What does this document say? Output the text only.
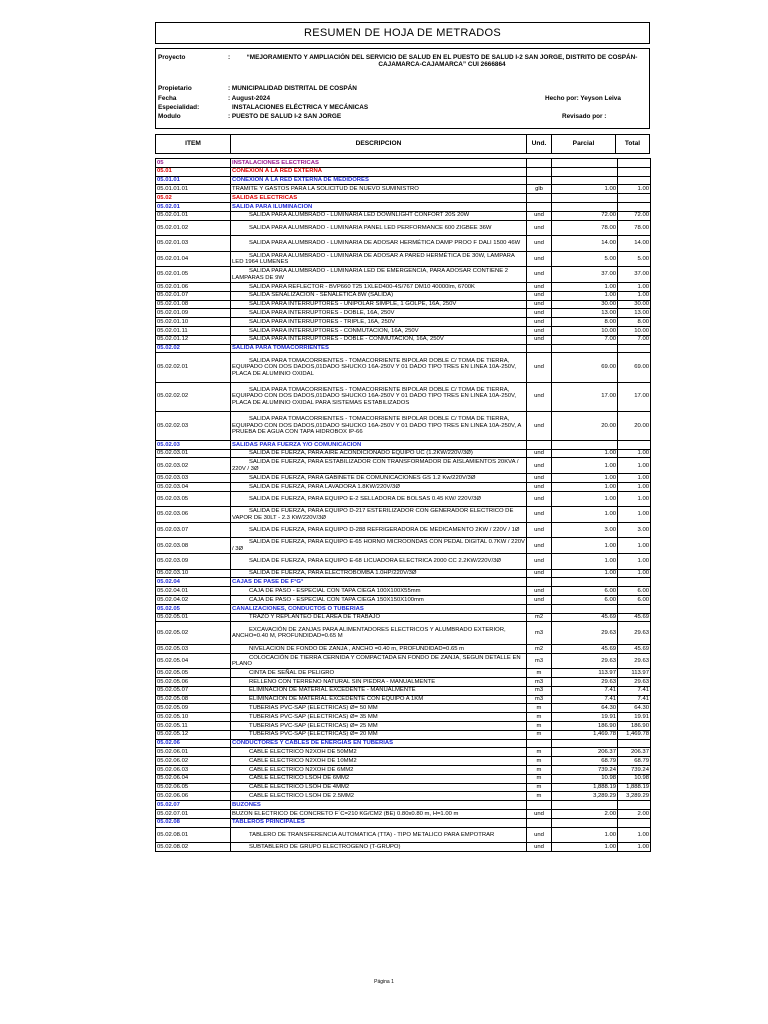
RESUMEN DE HOJA DE METRADOS
Proyecto	:	“MEJORAMIENTO Y AMPLIACIÓN DEL SERVICIO DE SALUD EN EL PUESTO DE SALUD I-2 SAN JORGE, DISTRITO DE COSPÁN- CAJAMARCA-CAJAMARCA” CUI 2666864
Propietario	: MUNICIPALIDAD DISTRITAL DE COSPÁN
Fecha	: August-2024	Hecho por: Yeyson Leiva
Especialidad:	INSTALACIONES ELÉCTRICA Y MECÁNICAS
Modulo	: PUESTO DE SALUD I-2 SAN JORGE	Revisado por :
ITEM	DESCRIPCION	Und.	Parcial	Total
05	INSTALACIONES ELECTRICAS			
05.01	CONEXION A LA RED EXTERNA			
05.01.01	CONEXION A LA RED EXTERNA DE MEDIDORES			
05.01.01.01	TRAMITE Y GASTOS PARA LA SOLICITUD DE NUEVO SUMINISTRO	glb	1.00	1.00
05.02	SALIDAS ELECTRICAS			
05.02.01	SALIDA PARA ILUMINACION			
05.02.01.01	SALIDA PARA ALUMBRADO - LUMINARIA LED DOWNLIGHT CONFORT 20S 20W	und	72.00	72.00
05.02.01.02	SALIDA PARA ALUMBRADO - LUMINARIA PANEL LED PERFORMANCE 600 ZIGBEE 36W	und	78.00	78.00
05.02.01.03	SALIDA PARA ALUMBRADO - LUMINARIA DE ADOSAR HERMÉTICA DAMP PROO F DALI 1500 46W	und	14.00	14.00
05.02.01.04	SALIDA PARA ALUMBRADO - LUMINARIA DE ADOSAR A PARED HERMÉTICA DE 30W, LAMPARA LED 1964 LUMENES	und	5.00	5.00
05.02.01.05	SALIDA PARA ALUMBRADO - LUMINARIA LED DE EMERGENCIA, PARA ADOSAR CONTIENE 2 LAMPARAS DE 9W	und	37.00	37.00
05.02.01.06	SALIDA PARA REFLECTOR - BVP660 T25 1XLED400-4S/767 DM10 40000lm, 6700K	und	1.00	1.00
05.02.01.07	SALIDA SEÑALIZACION - SEÑALETICA 8W (SALIDA)	und	1.00	1.00
05.02.01.08	SALIDA PARA INTERRUPTORES - UNIPOLAR SIMPLE, 1 GOLPE, 16A, 250V	und	30.00	30.00
05.02.01.09	SALIDA PARA INTERRUPTORES - DOBLE, 16A, 250V	und	13.00	13.00
05.02.01.10	SALIDA PARA INTERRUPTORES - TRIPLE, 16A, 250V	und	8.00	8.00
05.02.01.11	SALIDA PARA INTERRUPTORES - CONMUTACION, 16A, 250V	und	10.00	10.00
05.02.01.12	SALIDA PARA INTERRUPTORES - DOBLE - CONMUTACION, 16A, 250V	und	7.00	7.00
05.02.02	SALIDA PARA TOMACORRIENTES			
05.02.02.01	SALIDA PARA TOMACORRIENTES - TOMACORRIENTE BIPOLAR DOBLE C/ TOMA DE TIERRA, EQUIPADO CON DOS DADOS,01DADO SHUCKO 16A-250V Y 01 DADO TIPO TRES EN LINEA 10A-250V, PLACA DE ALUMINIO OXIDAL	und	69.00	69.00
05.02.02.02	SALIDA PARA TOMACORRIENTES - TOMACORRIENTE BIPOLAR DOBLE C/ TOMA DE TIERRA, EQUIPADO CON DOS DADOS,01DADO SHUCKO 16A-250V Y 01 DADO TIPO TRES EN LINEA 10A-250V, PLACA DE ALUMINIO OXIDAL PARA SISTEMAS ESTABILIZADOS	und	17.00	17.00
05.02.02.03	SALIDA PARA TOMACORRIENTES - TOMACORRIENTE BIPOLAR DOBLE C/ TOMA DE TIERRA, EQUIPADO CON DOS DADOS,01DADO SHUCKO 16A-250V Y 01 DADO TIPO TRES EN LINEA 10A-250V, A PRUEBA DE AGUA CON TAPA HIDROBOX IP-66	und	20.00	20.00
05.02.03	SALIDAS PARA FUERZA Y/O COMUNICACION			
05.02.03.01	SALIDA DE FUERZA, PARA AIRE ACONDICIONADO EQUIPO UC (1.2KW/220V/3Ø)	und	1.00	1.00
05.02.03.02	SALIDA DE FUERZA, PARA ESTABILIZADOR CON TRANSFORMADOR DE AISLAMIENTOS 20KVA / 220V / 3Ø	und	1.00	1.00
05.02.03.03	SALIDA DE FUERZA, PARA GABINETE DE COMUNICACIONES GS 1.2 Kw/220V/3Ø	und	1.00	1.00
05.02.03.04	SALIDA DE FUERZA, PARA LAVADORA 1.8KW/220V/3Ø	und	1.00	1.00
05.02.03.05	SALIDA DE FUERZA, PARA EQUIPO E-2 SELLADORA DE BOLSAS 0.45 KW/ 220V/3Ø	und	1.00	1.00
05.02.03.06	SALIDA DE FUERZA, PARA EQUIPO D-217 ESTERILIZADOR CON GENERADOR ELECTRICO DE VAPOR DE 30LT - 2.3 KW/220V/3Ø	und	1.00	1.00
05.02.03.07	SALIDA DE FUERZA, PARA EQUIPO D-288 REFRIGERADORA DE MEDICAMENTO 2KW / 220V / 1Ø	und	3.00	3.00
05.02.03.08	SALIDA DE FUERZA, PARA EQUIPO E-65 HORNO MICROONDAS CON PEDAL DIGITAL 0.7KW / 220V / 3Ø	und	1.00	1.00
05.02.03.09	SALIDA DE FUERZA, PARA EQUIPO E-68 LICUADORA ELECTRICA 2000 CC 2.2KW/220V/3Ø	und	1.00	1.00
05.02.03.10	SALIDA DE FUERZA, PARA ELECTROBOMBA 1.0HP/220V/3Ø	und	1.00	1.00
05.02.04	CAJAS DE PASE DE F°G°			
05.02.04.01	CAJA DE PASO - ESPECIAL CON TAPA CIEGA 100X100X55mm	und	6.00	6.00
05.02.04.02	CAJA DE PASO - ESPECIAL CON TAPA CIEGA 150X150X100mm	und	6.00	6.00
05.02.05	CANALIZACIONES, CONDUCTOS O TUBERIAS			
05.02.05.01	TRAZO Y REPLANTEO DEL AREA DE TRABAJO	m2	45.69	45.69
05.02.05.02	EXCAVACIÓN DE ZANJAS PARA ALIMENTADORES ELECTRICOS Y ALUMBRADO EXTERIOR, ANCHO=0.40 M, PROFUNDIDAD=0.65 M	m3	29.63	29.63
05.02.05.03	NIVELACION DE FONDO DE ZANJA , ANCHO =0.40 m, PROFUNDIDAD=0.65 m	m2	45.69	45.69
05.02.05.04	COLOCACIÓN DE TIERRA CERNIDA Y COMPACTADA EN FONDO DE ZANJA, SEGUN DETALLE EN PLANO	m3	29.63	29.63
05.02.05.05	CINTA DE SEÑAL DE PELIGRO	m	113.97	113.97
05.02.05.06	RELLENO CON TERRENO NATURAL SIN PIEDRA - MANUALMENTE	m3	29.63	29.63
05.02.05.07	ELIMINACIÓN DE MATERIAL EXCEDENTE - MANUALMENTE	m3	7.41	7.41
05.02.05.08	ELIMINACIÓN DE MATERIAL EXCEDENTE CON EQUIPO A 1KM	m3	7.41	7.41
05.02.05.09	TUBERIAS PVC-SAP (ELECTRICAS) Ø= 50 MM	m	64.30	64.30
05.02.05.10	TUBERIAS PVC-SAP (ELECTRICAS) Ø= 35 MM	m	19.91	19.91
05.02.05.11	TUBERIAS PVC-SAP (ELECTRICAS) Ø= 25 MM	m	186.90	186.90
05.02.05.12	TUBERIAS PVC-SAP (ELECTRICAS) Ø= 20 MM	m	1,469.78	1,469.78
05.02.06	CONDUCTORES Y CABLES DE ENERGIAS EN TUBERIAS			
05.02.06.01	CABLE ELECTRICO N2XOH DE 50MM2	m	206.37	206.37
05.02.06.02	CABLE ELECTRICO N2XOH DE 10MM2	m	68.79	68.79
05.02.06.03	CABLE ELECTRICO N2XOH DE 6MM2	m	739.24	739.24
05.02.06.04	CABLE ELECTRICO LSOH DE 6MM2	m	10.98	10.98
05.02.06.05	CABLE ELECTRICO LSOH DE 4MM2	m	1,888.19	1,888.19
05.02.06.06	CABLE ELECTRICO LSOH DE 2.5MM2	m	3,289.29	3,289.29
05.02.07	BUZONES			
05.02.07.01	BUZON ELECTRICO DE CONCRETO F´C=210 KG/CM2 (BE) 0.80x0.80 m, H=1.00 m	und	2.00	2.00
05.02.08	TABLEROS PRINCIPALES			
05.02.08.01	TABLERO DE TRANSFERENCIA AUTOMATICA (TTA) - TIPO METALICO PARA EMPOTRAR	und	1.00	1.00
05.02.08.02	SUBTABLERO DE GRUPO ELECTROGENO (T-GRUPO)	und	1.00	1.00
Página 1
